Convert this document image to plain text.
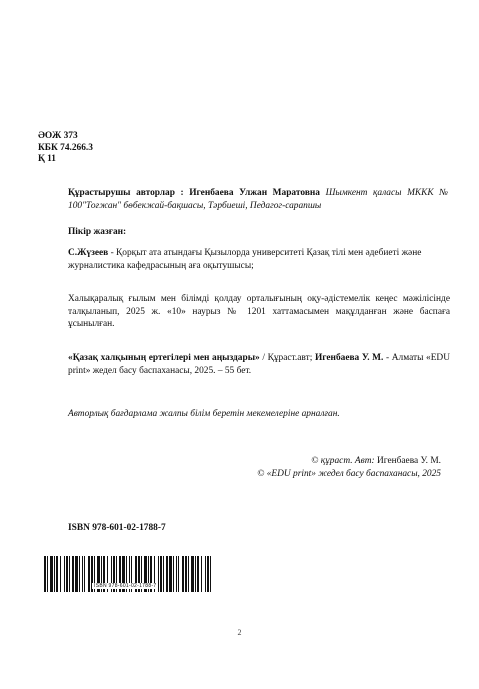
ӘОЖ 373
КБК 74.266.3
Қ 11
Құрастырушы авторлар : Игенбаева Улжан Маратовна Шымкент қаласы МККК № 100"Тоғжан" бөбекжай-бақшасы, Тәрбиеші, Педагог-сарапшы
Пікір жазған:
С.Жүзеев - Қорқыт ата атындағы Қызылорда университеті Қазақ тілі мен әдебиеті және журналистика кафедрасының аға оқытушысы;
Халықаралық ғылым мен білімді қолдау орталығының оқу-әдістемелік кеңес мәжілісінде талқыланып, 2025 ж. «10» наурыз № 1201 хаттамасымен мақұлданған және баспаға ұсынылған.
«Қазақ халқының ертегілері мен аңыздары» / Құраст.авт; Игенбаева У. М. - Алматы «EDU print» жедел басу баспаханасы, 2025. – 55 бет.
Авторлық бағдарлама жалпы білім беретін мекемелеріне арналған.
© құраст. Авт: Игенбаева У. М.
© «EDU print» жедел басу баспаханасы, 2025
ISBN 978-601-02-1788-7
ISBN 978-601-02-1788-7
2
